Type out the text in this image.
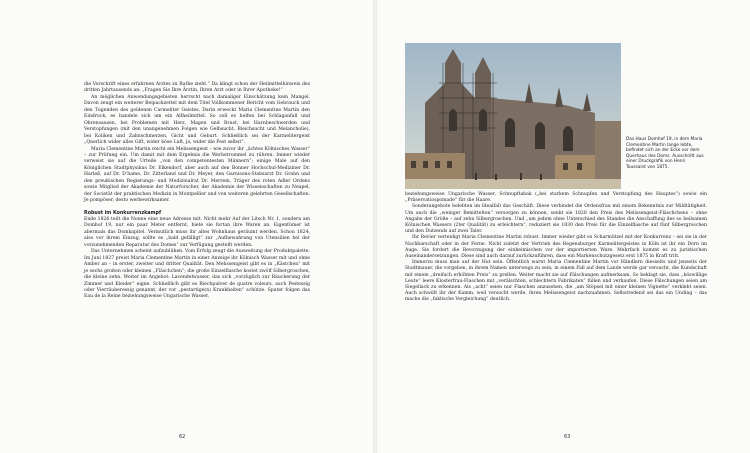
die Vorschrift eines erfahrnen Arztes zu Rathe zieht.“ Da klingt schon der Heilmittelhinweis des dritten Jahrtausends an: „Fragen Sie Ihre Ärztin, Ihren Arzt oder in Ihrer Apotheke!“

An möglichen Anwendungsgebieten herrscht nach damaliger Einschätzung kein Mangel. Davon zeugt ein weiterer Beipackzettel mit dem Titel Vollkommener Bericht vom Gebrauch und den Tugenden des goldenen Carmeliter Geistes. Darin erweckt Maria Clementine Martin den Eindruck, es handele sich um ein Allheilmittel. So soll es helfen bei Schlaganfall und Ohrensausen, bei Problemen mit Herz, Magen und Brust, bei Harnbeschwerden und Verstopfungen (mit den unangenehmen Folgen wie Gelbsucht, Bleichsucht und Melancholie), bei Koliken und Zahnschmerzen, Gicht und Geburt. Schließlich sei der Karmelitergeist „Qnerlich wider alles Gift, wider böse Luft, ja, wider die Pest selbst“.

Maria Clementine Martin reicht ein Melissengeist – wie zuvor ihr „ächtes Kölnisches Wasser“ – zur Prüfung ein. Um damit mit dem Ergebnis die Werbetrommel zu rühren. Immer wieder verweist sie auf die Urteile „von den competentesten Männern“; einige Male auf den Königlichen Stadtphysikus Dr. Elkendorf, aber auch auf den Bonner Hochschul-Mediziner Dr. Harleß, auf Dr. D’hame, Dr. Zitterland und Dr. Meyer, den Garnisons-Stabsarzt Dr. Grahn und den preußischen Regierungs- und Medizinalrat Dr. Merrem, Träger des roten Adler Ordens sowie Mitglied der Akademie der Naturforscher, der Akademie der Wissenschaften zu Neapel, der Societät der praktischen Medizin in Montpellier und von weiteren gelehrten Gesellschaften. Je pompöser, desto werbewirksamer.

Robust im Konkurrenzkampf

Ende 1826 teilt die Nonne eine neue Adresse mit. Nicht mehr Auf der Litsch Nr. 1, sondern am Domhof 19, nur ein paar Meter entfernt, biete sie fortan ihre Waren an. Eigentümer ist abermals das Domkapitel. Vermutlich muss ihr altes Wohnhaus geräumt werden. Schon 1824, also vor ihrem Einzug, sollte es „bald gefälligt“ zur „Aufbewahrung von Utensilien bei der vorzunehmenden Reparatur des Domes“ zur Verfügung gestellt werden.

Das Unternehmen scheint aufzublühen. Vom Erfolg zeugt die Ausweitung der Produktpalette. Im Juni 1827 preist Maria Clementine Martin in einer Anzeige ihr Kölnisch Wasser mit und ohne Amber an – in erster, zweiter und dritter Qualität. Den Melissengeist gibt es in „Kästchen“ mit je sechs großen oder kleinen „Fläschchen“; die große Einzelflasche kostet zwölf Silbergroschen, die kleine zehn. Weiter im Angebot: Lavendelwasser, das sich „vorzüglich zur Räucherung der Zimmer und Kleider“ eigne. Schließlich gibt es Riechpulver de quatre voleurs, auch Pestessig oder Vierräuberessig genannt, der vor „pestartige(n) Krankheiten“ schütze. Spater folgen das Eau de la Reine beziehungsweise Ungarische Wasser,

62
Das Haus Domhof 19, in dem Maria Clementine Martin lange lebte, befindet sich an der Ecke vor dem Querhaus des Doms. Ausschnitt aus einer Druckgrafik von Henri Toussaint von 1875.

beziehungsweise Ungarische Wasser, Schnupftabak („bei starkem Schnupfen und Verstopfung des Hauptes“) sowie ein „Präservatiospomade“ für die Haare.

Sonderangebote belebten im Idealfall das Geschäft. Diese verbindet die Ordensfrau mit einem Bekenntnis zur Mildtätigkeit. Um auch die „weniger Bemittelten“ versorgen zu können, senkt sie 1828 den Preis des Melissengeist-Fläschchens – ohne Angabe der Größe – auf zehn Silbergroschen. Und „um jedem ohne Unterschied des Standes die Anschaffung des so heilsamen Kölnischen Wassers (2ter Qualität) zu erleichtern“, reduziert sie 1830 den Preis für die Einzelflasche auf fünf Silbergroschen und den Dutzends auf zwei Taler.

Ihr Revier verteidigt Maria Clementine Martin robust. Immer wieder gibt es Scharmützel mit der Konkurrenz – sei sie in der Nachbarschaft oder in der Ferne. Nicht zuletzt der Vertrieb des Regensburger Karmelitergeistes in Köln ist ihr ein Dorn im Auge. Sie fordert die Bevorzugung der einheimischen vor der importierten Ware. Mehrfach kommt es zu juristischen Auseinandersetzungen. Diese sind auch darauf zurückzuführen, dass ein Markenschutzgesetz erst 1875 in Kraft tritt.

Immerzu muss man auf der Hut sein. Öffentlich warnt Maria Clementine Martin vor Händlern diesseits und jenseits der Stadtmauer, die vorgeben, in ihrem Namen unterwegs zu sein; in einem Fall auf dem Lande werde gar versucht, die Kundschaft mit einem „dreifach erhöhten Preis“ zu prellen. Weiter macht sie auf Fälschungen aufmerksam. So beklagt sie, dass „böswillige Leute“ leere Klosterfrau-Flaschen mit „verälschten, schlechtern Fabrikaten“ füllen und verkaufen. Diese Fälschungen seien am Siegellack zu erkennen. Als „acht“ seien nur Flaschen anzusehen, die „am Stöpsel mit einer kleinen Vignette“ verklebt seien. Auch schwillt ihr der Kamm, weil versucht werde, ihren Melissengeist nachzuahmen. Selbstredend sei das ein Unding – das mache die „faktische Vergleichung“ deutlich.

63
